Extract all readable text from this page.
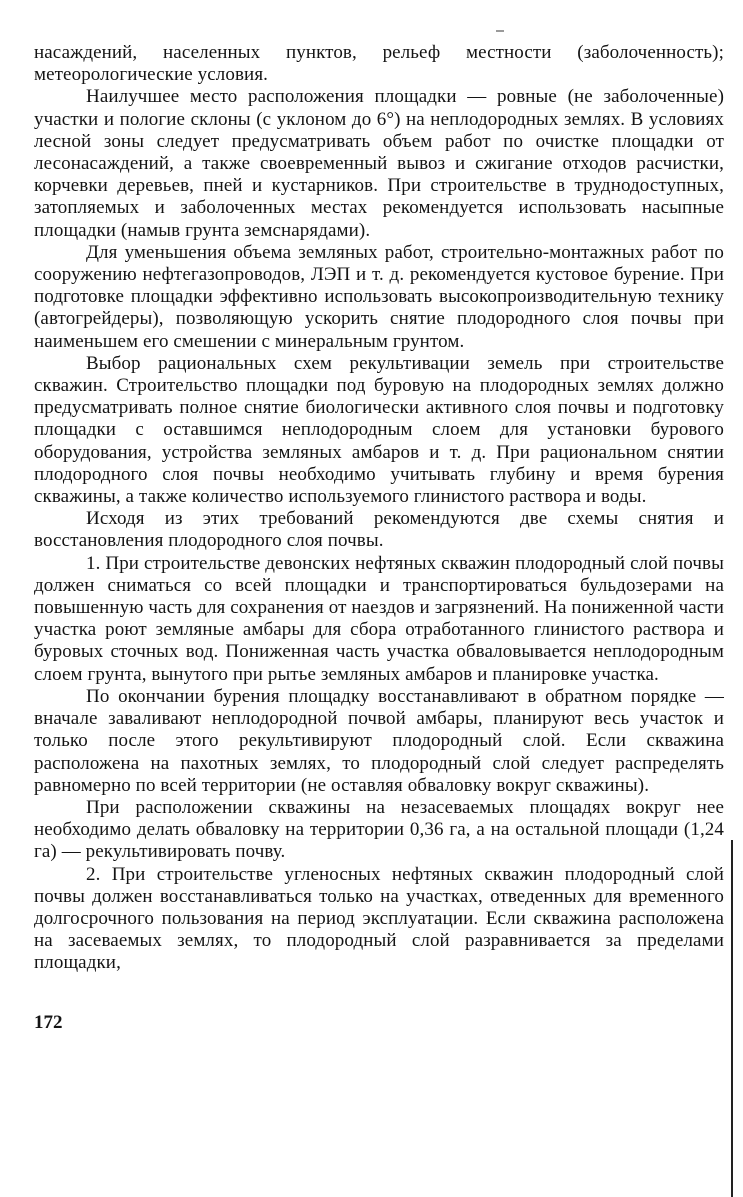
насаждений, населенных пунктов, рельеф местности (заболоченность); метеорологические условия.

Наилучшее место расположения площадки — ровные (не заболоченные) участки и пологие склоны (с уклоном до 6°) на неплодородных землях. В условиях лесной зоны следует предусматривать объем работ по очистке площадки от лесонасаждений, а также своевременный вывоз и сжигание отходов расчистки, корчевки деревьев, пней и кустарников. При строительстве в труднодоступных, затопляемых и заболоченных местах рекомендуется использовать насыпные площадки (намыв грунта земснарядами).

Для уменьшения объема земляных работ, строительно-монтажных работ по сооружению нефтегазопроводов, ЛЭП и т. д. рекомендуется кустовое бурение. При подготовке площадки эффективно использовать высокопроизводительную технику (автогрейдеры), позволяющую ускорить снятие плодородного слоя почвы при наименьшем его смешении с минеральным грунтом.

Выбор рациональных схем рекультивации земель при строительстве скважин. Строительство площадки под буровую на плодородных землях должно предусматривать полное снятие биологически активного слоя почвы и подготовку площадки с оставшимся неплодородным слоем для установки бурового оборудования, устройства земляных амбаров и т. д. При рациональном снятии плодородного слоя почвы необходимо учитывать глубину и время бурения скважины, а также количество используемого глинистого раствора и воды.

Исходя из этих требований рекомендуются две схемы снятия и восстановления плодородного слоя почвы.

1. При строительстве девонских нефтяных скважин плодородный слой почвы должен сниматься со всей площадки и транспортироваться бульдозерами на повышенную часть для сохранения от наездов и загрязнений. На пониженной части участка роют земляные амбары для сбора отработанного глинистого раствора и буровых сточных вод. Пониженная часть участка обваловывается неплодородным слоем грунта, вынутого при рытье земляных амбаров и планировке участка.

По окончании бурения площадку восстанавливают в обратном порядке — вначале заваливают неплодородной почвой амбары, планируют весь участок и только после этого рекультивируют плодородный слой. Если скважина расположена на пахотных землях, то плодородный слой следует распределять равномерно по всей территории (не оставляя обваловку вокруг скважины).

При расположении скважины на незасеваемых площадях вокруг нее необходимо делать обваловку на территории 0,36 га, а на остальной площади (1,24 га) — рекультивировать почву.

2. При строительстве угленосных нефтяных скважин плодородный слой почвы должен восстанавливаться только на участках, отведенных для временного долгосрочного пользования на период эксплуатации. Если скважина расположена на засеваемых землях, то плодородный слой разравнивается за пределами площадки,

172
